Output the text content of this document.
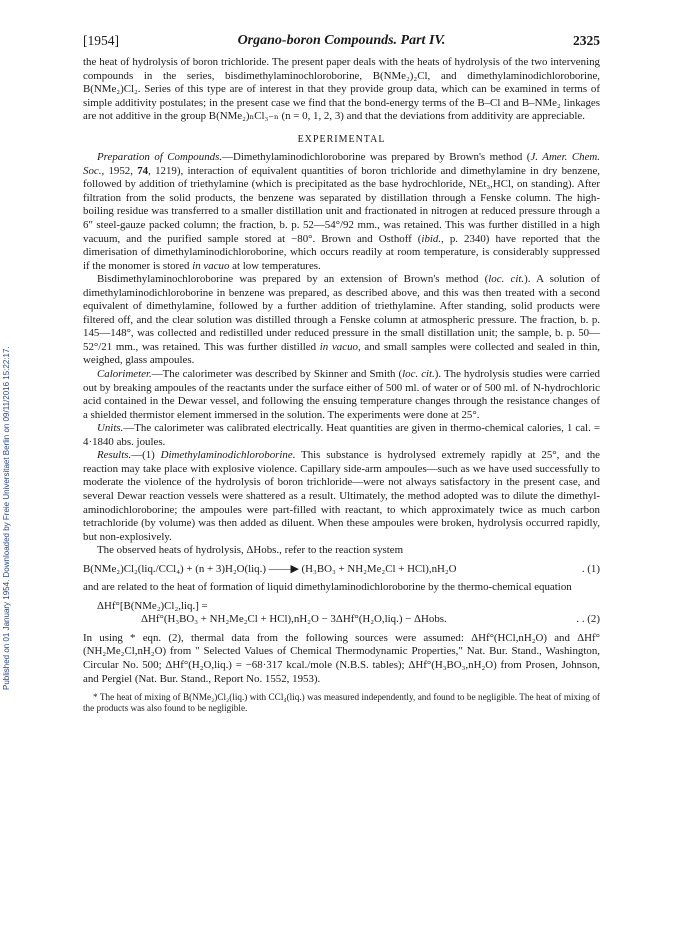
Published on 01 January 1954. Downloaded by Freie Universitaet Berlin on 09/11/2016 15:22:17.
[1954]	Organo-boron Compounds. Part IV.	2325

the heat of hydrolysis of boron trichloride. The present paper deals with the heats of hydrolysis of the two intervening compounds in the series, bisdimethylaminochloroborine, B(NMe₂)₂Cl, and dimethylaminodichloroborine, B(NMe₂)Cl₂. Series of this type are of interest in that they provide group data, which can be examined in terms of simple additivity postulates; in the present case we find that the bond-energy terms of the B–Cl and B–NMe₂ linkages are not additive in the group B(NMe₂)ₙCl₃₋ₙ (n = 0, 1, 2, 3) and that the deviations from additivity are appreciable.

EXPERIMENTAL

Preparation of Compounds.—Dimethylaminodichloroborine was prepared by Brown's method (J. Amer. Chem. Soc., 1952, 74, 1219), interaction of equivalent quantities of boron trichloride and dimethylamine in dry benzene, followed by addition of triethylamine (which is precipitated as the base hydrochloride, NEt₃,HCl, on standing). After filtration from the solid products, the benzene was separated by distillation through a Fenske column. The high-boiling residue was transferred to a smaller distillation unit and fractionated in nitrogen at reduced pressure through a 6" steel-gauze packed column; the fraction, b. p. 52—54°/92 mm., was retained. This was further distilled in a high vacuum, and the purified sample stored at −80°. Brown and Osthoff (ibid., p. 2340) have reported that the dimerisation of dimethylaminodichloroborine, which occurs readily at room temperature, is considerably suppressed if the monomer is stored in vacuo at low temperatures.

Bisdimethylaminochloroborine was prepared by an extension of Brown's method (loc. cit.). A solution of dimethylaminodichloroborine in benzene was prepared, as described above, and this was then treated with a second equivalent of dimethylamine, followed by a further addition of triethylamine. After standing, solid products were filtered off, and the clear solution was distilled through a Fenske column at atmospheric pressure. The fraction, b. p. 145—148°, was collected and redistilled under reduced pressure in the small distillation unit; the sample, b. p. 50—52°/21 mm., was retained. This was further distilled in vacuo, and small samples were collected and sealed in thin, weighed, glass ampoules.

Calorimeter.—The calorimeter was described by Skinner and Smith (loc. cit.). The hydrolysis studies were carried out by breaking ampoules of the reactants under the surface either of 500 ml. of water or of 500 ml. of N-hydrochloric acid contained in the Dewar vessel, and following the ensuing temperature changes through the resistance changes of a shielded thermistor element immersed in the solution. The experiments were done at 25°.

Units.—The calorimeter was calibrated electrically. Heat quantities are given in thermo-chemical calories, 1 cal. = 4·1840 abs. joules.

Results.—(1) Dimethylaminodichloroborine. This substance is hydrolysed extremely rapidly at 25°, and the reaction may take place with explosive violence. Capillary side-arm ampoules—such as we have used successfully to moderate the violence of the hydrolysis of boron trichloride—were not always satisfactory in the present case, and several Dewar reaction vessels were shattered as a result. Ultimately, the method adopted was to dilute the dimethyl-aminodichloroborine; the ampoules were part-filled with reactant, to which approximately twice as much carbon tetrachloride (by volume) was then added as diluent. When these ampoules were broken, hydrolysis occurred rapidly, but non-explosively.

The observed heats of hydrolysis, ΔHobs., refer to the reaction system

B(NMe₂)Cl₂(liq./CCl₄) + (n + 3)H₂O(liq.) ——▶ (H₃BO₃ + NH₂Me₂Cl + HCl),nH₂O	. (1)

and are related to the heat of formation of liquid dimethylaminodichloroborine by the thermo-chemical equation

ΔHf°[B(NMe₂)Cl₂,liq.] =
ΔHf°(H₃BO₃ + NH₂Me₂Cl + HCl),nH₂O − 3ΔHf°(H₂O,liq.) − ΔHobs.	. . (2)

In using * eqn. (2), thermal data from the following sources were assumed: ΔHf°(HCl,nH₂O) and ΔHf°(NH₂Me₂Cl,nH₂O) from " Selected Values of Chemical Thermodynamic Properties," Nat. Bur. Stand., Washington, Circular No. 500; ΔHf°(H₂O,liq.) = −68·317 kcal./mole (N.B.S. tables); ΔHf°(H₃BO₃,nH₂O) from Prosen, Johnson, and Pergiel (Nat. Bur. Stand., Report No. 1552, 1953).

* The heat of mixing of B(NMe₂)Cl₂(liq.) with CCl₄(liq.) was measured independently, and found to be negligible. The heat of mixing of the products was also found to be negligible.
